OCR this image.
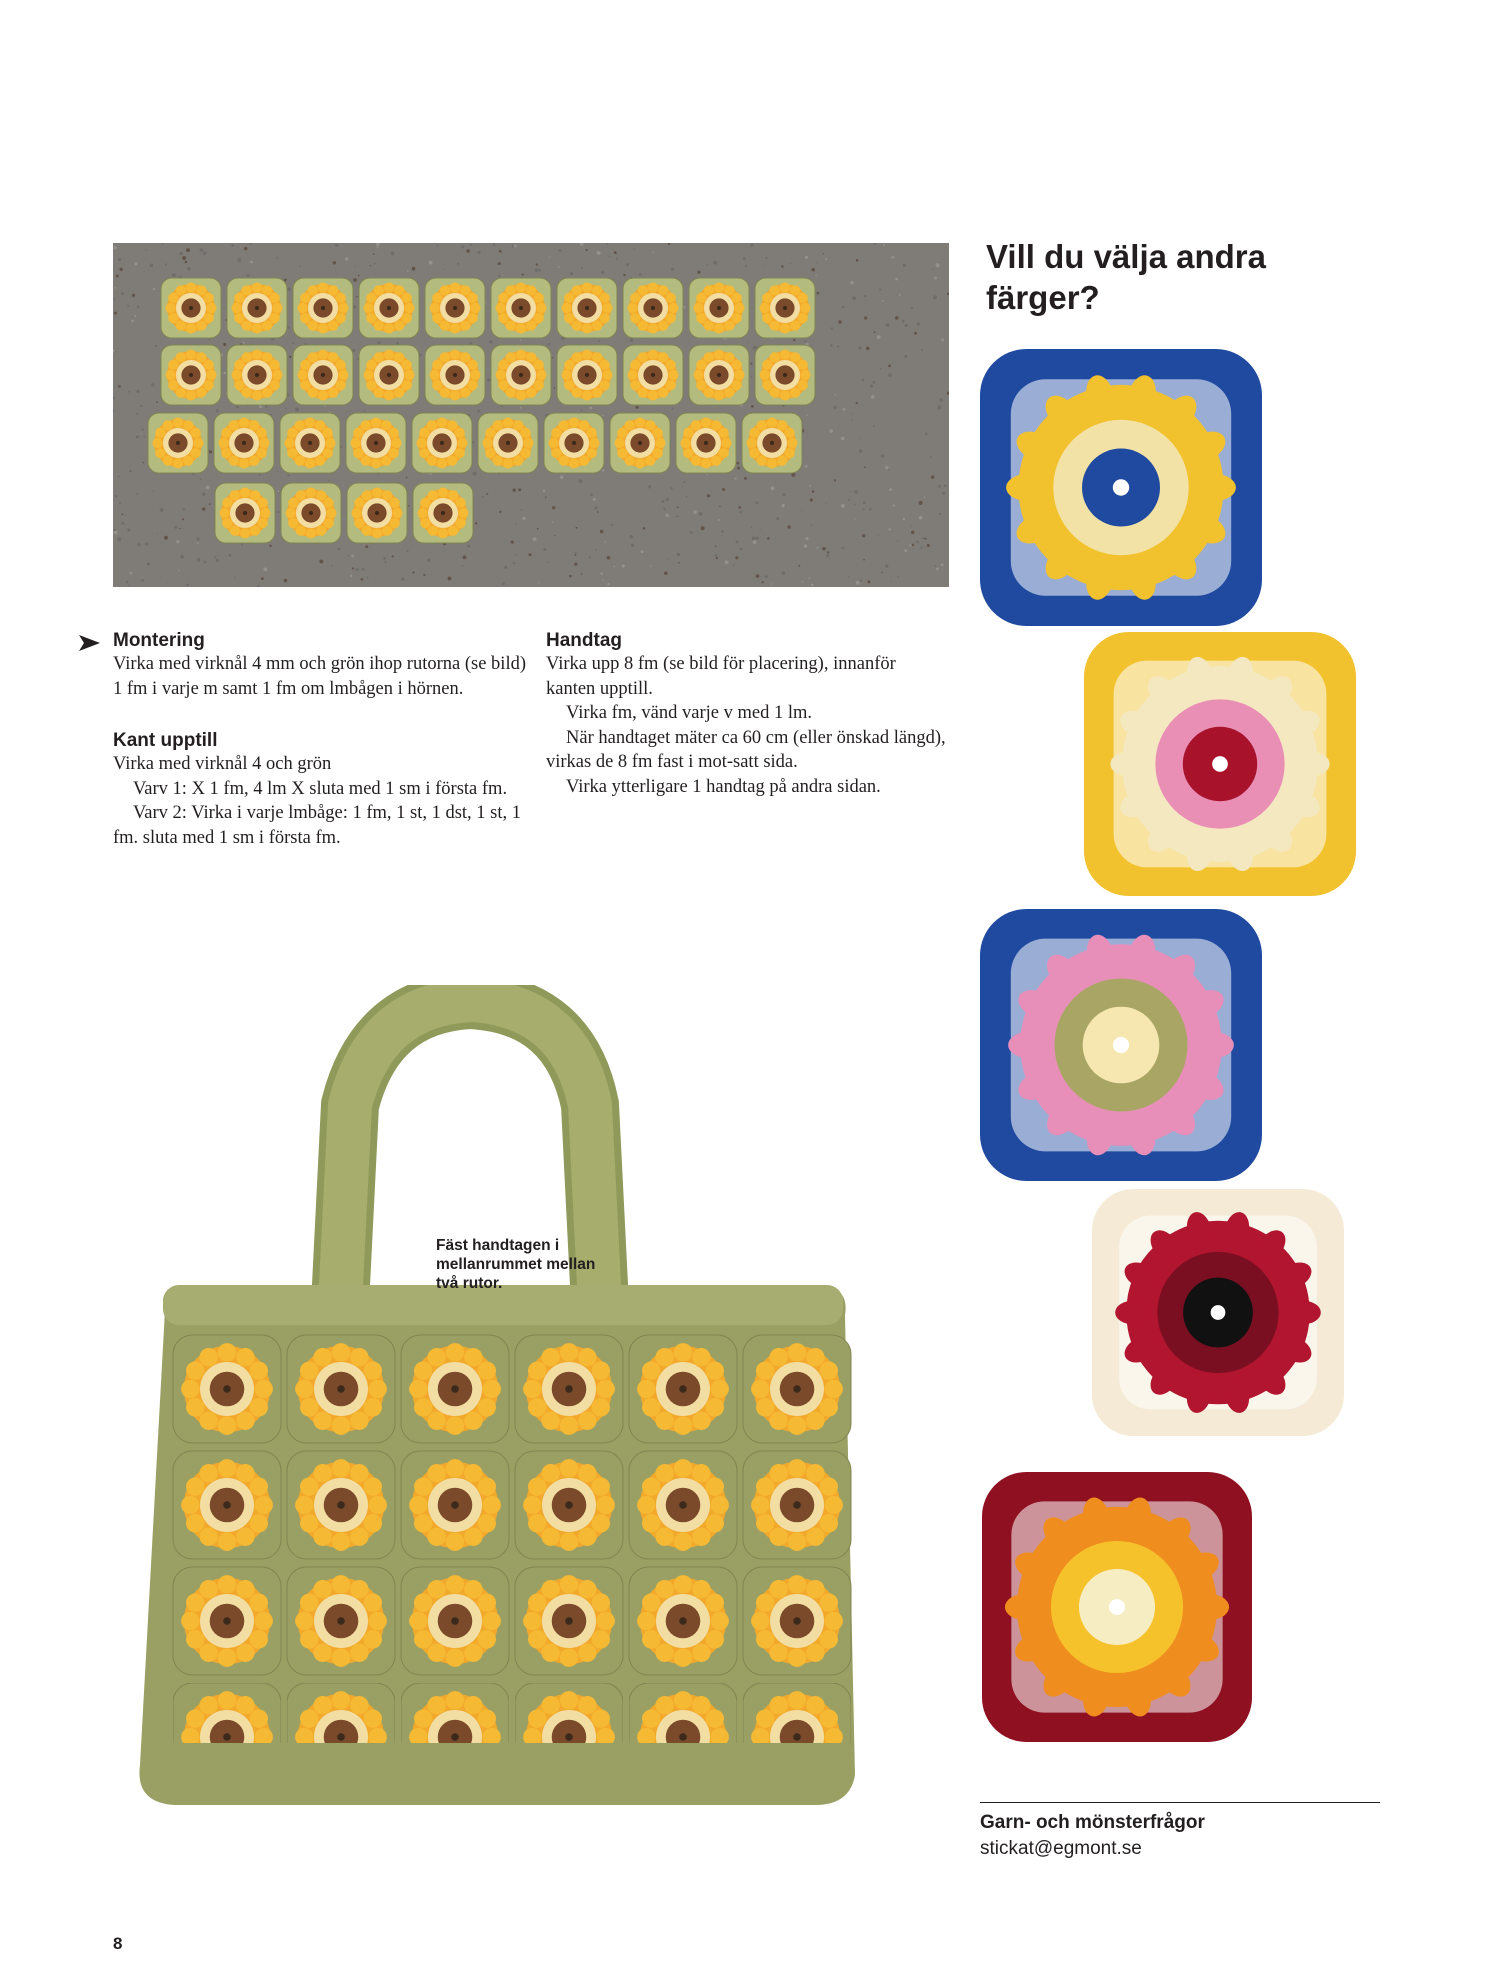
Montering

Virka med virknål 4 mm och grön ihop rutorna (se bild) 1 fm i varje m samt 1 fm om lmbågen i hörnen.

Kant upptill

Virka med virknål 4 och grön

Varv 1: X 1 fm, 4 lm X sluta med 1 sm i första fm.

Varv 2: Virka i varje lmbåge: 1 fm, 1 st, 1 dst, 1 st, 1 fm. sluta med 1 sm i första fm.

Handtag

Virka upp 8 fm (se bild för placering), innanför kanten upptill.

Virka fm, vänd varje v med 1 lm.

När handtaget mäter ca 60 cm (eller önskad längd), virkas de 8 fm fast i mot-satt sida.

Virka ytterligare 1 handtag på andra sidan.

Fäst handtagen i mellanrummet mellan två rutor.
Vill du välja andra färger?
Garn- och mönsterfrågor
stickat@egmont.se
8
